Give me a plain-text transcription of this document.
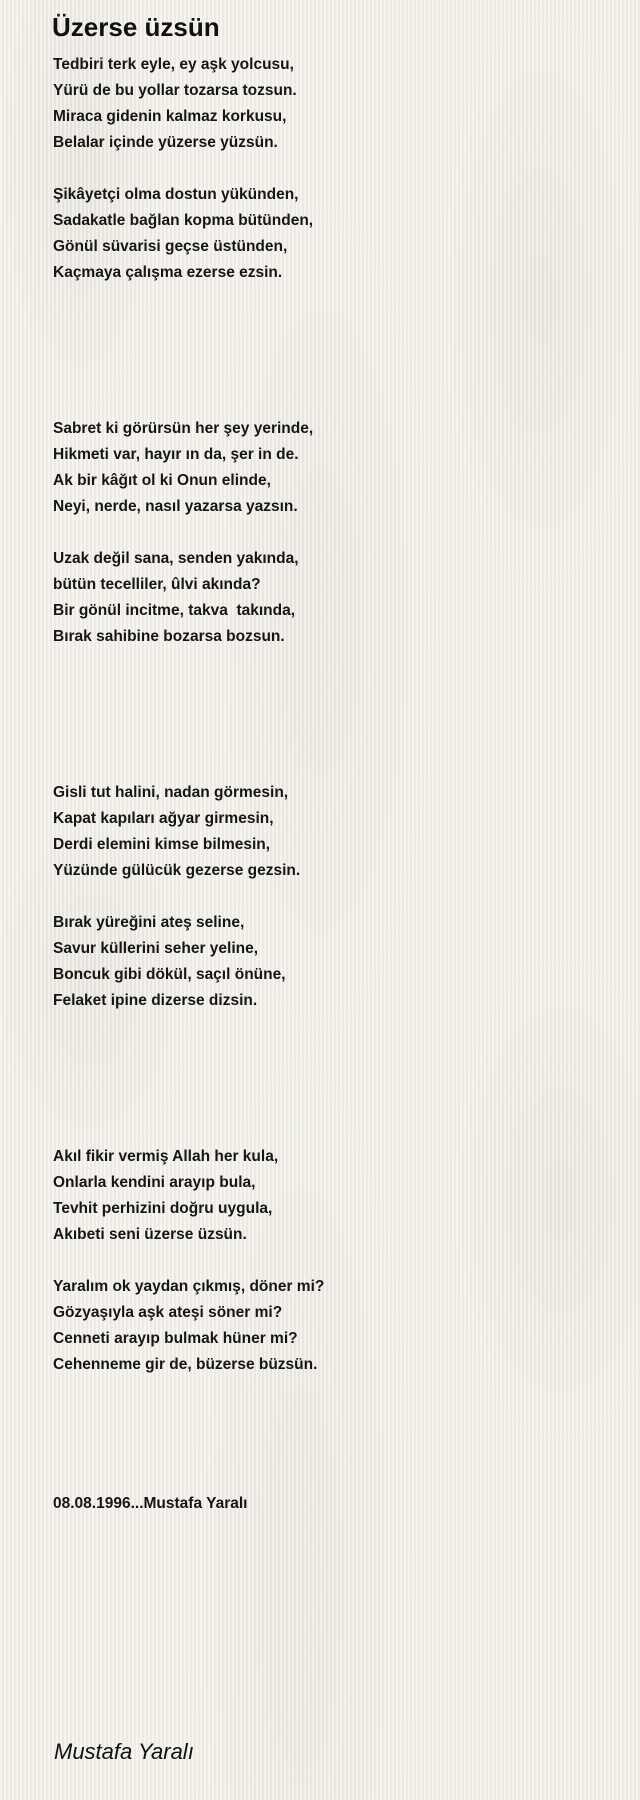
Üzerse üzsün
Tedbiri terk eyle, ey aşk yolcusu,
Yürü de bu yollar tozarsa tozsun.
Miraca gidenin kalmaz korkusu,
Belalar içinde yüzerse yüzsün.
Şikâyetçi olma dostun yükünden,
Sadakatle bağlan kopma bütünden,
Gönül süvarisi geçse üstünden,
Kaçmaya çalışma ezerse ezsin.
Sabret ki görürsün her şey yerinde,
Hikmeti var, hayır ın da, şer in de.
Ak bir kâğıt ol ki Onun elinde,
Neyi, nerde, nasıl yazarsa yazsın.
Uzak değil sana, senden yakında,
bütün tecelliler, ûlvi akında?
Bir gönül incitme, takva  takında,
Bırak sahibine bozarsa bozsun.
Gisli tut halini, nadan görmesin,
Kapat kapıları ağyar girmesin,
Derdi elemini kimse bilmesin,
Yüzünde gülücük gezerse gezsin.
Bırak yüreğini ateş seline,
Savur küllerini seher yeline,
Boncuk gibi dökül, saçıl önüne,
Felaket ipine dizerse dizsin.
Akıl fikir vermiş Allah her kula,
Onlarla kendini arayıp bula,
Tevhit perhizini doğru uygula,
Akıbeti seni üzerse üzsün.
Yaralım ok yaydan çıkmış, döner mi?
Gözyaşıyla aşk ateşi söner mi?
Cenneti arayıp bulmak hüner mi?
Cehenneme gir de, büzerse büzsün.
08.08.1996...Mustafa Yaralı
Mustafa Yaralı
